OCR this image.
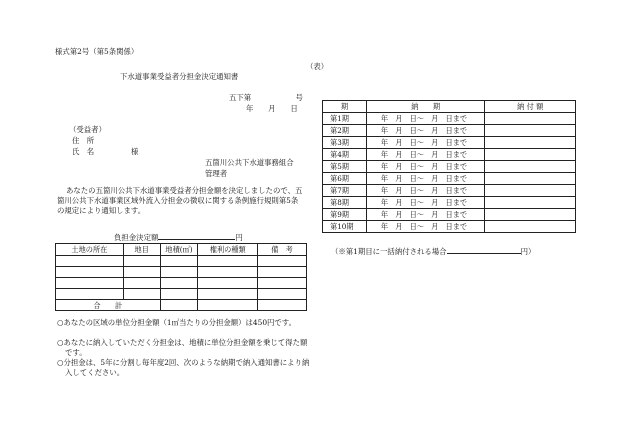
様式第2号（第5条関係）
（表）
下水道事業受益者分担金決定通知書
五下第　　　　　　号
年　　月　　日
（受益者）
住　所
氏　名	様
五箇川公共下水道事務組合
管理者
あなたの五箇川公共下水道事業受益者分担金額を決定しましたので、五箇川公共下水道事業区域外流入分担金の徴収に関する条例施行規則第5条の規定により通知します。
負担金決定額	円
土地の所在	地目	地積(㎡)	権利の種類	備　考

合　　計				
○あなたの区域の単位分担金額（1㎡当たりの分担金額）は450円です。
○あなたに納入していただく分担金は、地積に単位分担金額を乗じて得た額です。
○分担金は、5年に分割し毎年度2回、次のような納期で納入通知書により納入してください。
期	納　　期	納 付 額
第1期	年　月　日～　月　日まで	
第2期	年　月　日～　月　日まで	
第3期	年　月　日～　月　日まで	
第4期	年　月　日～　月　日まで	
第5期	年　月　日～　月　日まで	
第6期	年　月　日～　月　日まで	
第7期	年　月　日～　月　日まで	
第8期	年　月　日～　月　日まで	
第9期	年　月　日～　月　日まで	
第10期	年　月　日～　月　日まで	
（※第1期目に一括納付される場合	円）
